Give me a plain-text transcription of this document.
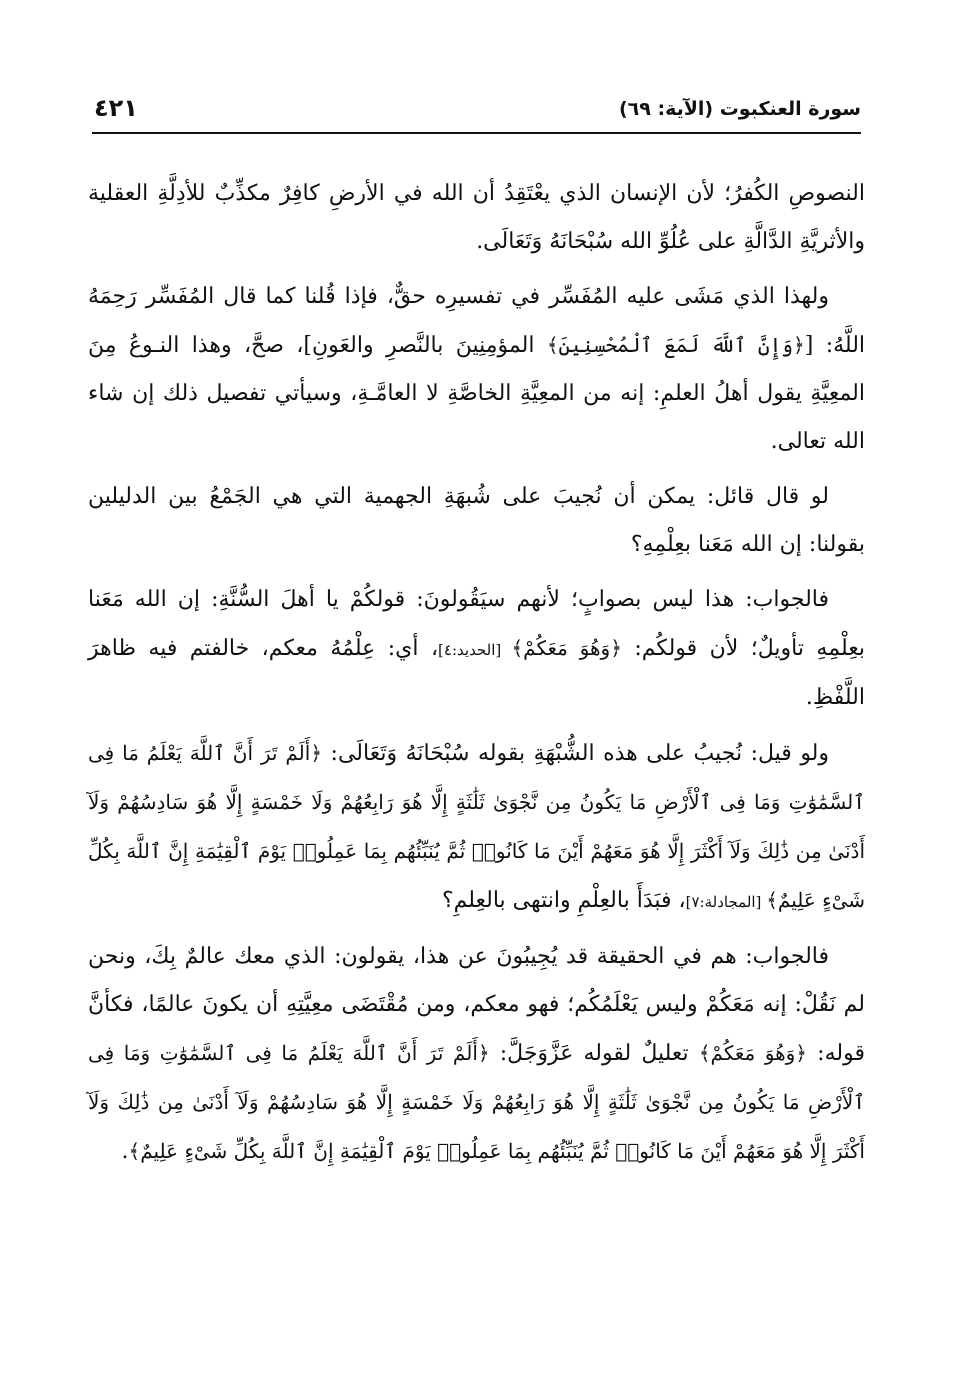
٤٢١	سورة العنكبوت (الآية: ٦٩)

النصوصِ الكُفرُ؛ لأن الإنسان الذي يعْتَقِدُ أن الله في الأرضِ كافِرٌ مكذِّبٌ للأدِلَّةِ العقلية والأثريَّةِ الدَّالَّةِ على عُلُوِّ الله سُبْحَانَهُ وَتَعَالَى.

ولهذا الذي مَشَى عليه المُفَسِّر في تفسيرِه حقٌّ، فإذا قُلنا كما قال المُفَسِّر رَحِمَهُ اللَّهُ: [﴿وَإِنَّ ٱللَّهَ لَمَعَ ٱلْمُحْسِنِينَ﴾ المؤمِنِينَ بالنَّصرِ والعَونِ]، صحَّ، وهذا النـوعُ مِنَ المعِيَّةِ يقول أهلُ العلمِ: إنه من المعِيَّةِ الخاصَّةِ لا العامَّـةِ، وسيأتي تفصيل ذلك إن شاء الله تعالى.

لو قال قائل: يمكن أن نُجيبَ على شُبهَةِ الجهمية التي هي الجَمْعُ بين الدليلين بقولنا: إن الله مَعَنا بعِلْمِهِ؟

فالجواب: هذا ليس بصوابٍ؛ لأنهم سيَقُولونَ: قولكُمْ يا أهلَ السُّنَّةِ: إن الله مَعَنا بعِلْمِهِ تأويلٌ؛ لأن قولكُم: ﴿وَهُوَ مَعَكُمْ﴾ [الحديد:٤]، أي: عِلْمُهُ معكم، خالفتم فيه ظاهرَ اللَّفْظِ.

ولو قيل: نُجيبُ على هذه الشُّبْهَةِ بقوله سُبْحَانَهُ وَتَعَالَى: ﴿أَلَمْ تَرَ أَنَّ ٱللَّهَ يَعْلَمُ مَا فِى ٱلسَّمَٰوَٰتِ وَمَا فِى ٱلْأَرْضِ مَا يَكُونُ مِن نَّجْوَىٰ ثَلَٰثَةٍ إِلَّا هُوَ رَابِعُهُمْ وَلَا خَمْسَةٍ إِلَّا هُوَ سَادِسُهُمْ وَلَآ أَدْنَىٰ مِن ذَٰلِكَ وَلَآ أَكْثَرَ إِلَّا هُوَ مَعَهُمْ أَيْنَ مَا كَانُوا۟ ثُمَّ يُنَبِّئُهُم بِمَا عَمِلُوا۟ يَوْمَ ٱلْقِيَٰمَةِ إِنَّ ٱللَّهَ بِكُلِّ شَىْءٍ عَلِيمٌ﴾ [المجادلة:٧]، فبَدَأَ بالعِلْمِ وانتهى بالعِلمِ؟

فالجواب: هم في الحقيقة قد يُجِيبُونَ عن هذا، يقولون: الذي معك عالمٌ بِكَ، ونحن لم نَقُلْ: إنه مَعَكُمْ وليس يَعْلَمُكُم؛ فهو معكم، ومن مُقْتَضَى معِيَّتِهِ أن يكونَ عالمًا، فكأنَّ قوله: ﴿وَهُوَ مَعَكُمْ﴾ تعليلٌ لقوله عَزَّوَجَلَّ: ﴿أَلَمْ تَرَ أَنَّ ٱللَّهَ يَعْلَمُ مَا فِى ٱلسَّمَٰوَٰتِ وَمَا فِى ٱلْأَرْضِ مَا يَكُونُ مِن نَّجْوَىٰ ثَلَٰثَةٍ إِلَّا هُوَ رَابِعُهُمْ وَلَا خَمْسَةٍ إِلَّا هُوَ سَادِسُهُمْ وَلَآ أَدْنَىٰ مِن ذَٰلِكَ وَلَآ أَكْثَرَ إِلَّا هُوَ مَعَهُمْ أَيْنَ مَا كَانُوا۟ ثُمَّ يُنَبِّئُهُم بِمَا عَمِلُوا۟ يَوْمَ ٱلْقِيَٰمَةِ إِنَّ ٱللَّهَ بِكُلِّ شَىْءٍ عَلِيمٌ﴾.
